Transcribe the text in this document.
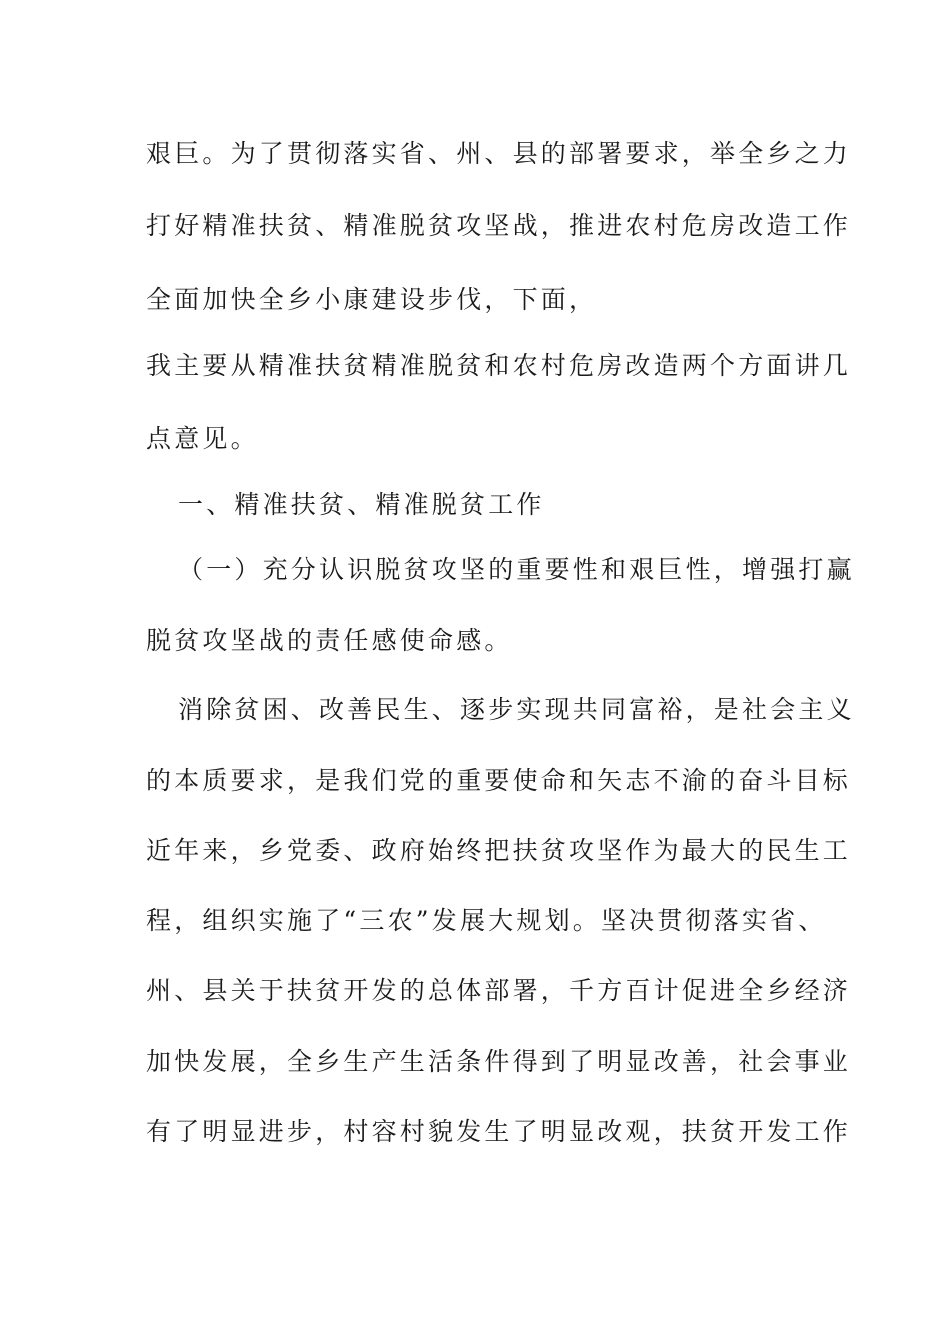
艰巨。为了贯彻落实省、州、县的部署要求，举全乡之力
打好精准扶贫、精准脱贫攻坚战，推进农村危房改造工作
全面加快全乡小康建设步伐，下面，
我主要从精准扶贫精准脱贫和农村危房改造两个方面讲几
点意见。
一、精准扶贫、精准脱贫工作
（一）充分认识脱贫攻坚的重要性和艰巨性，增强打赢
脱贫攻坚战的责任感使命感。
消除贫困、改善民生、逐步实现共同富裕，是社会主义
的本质要求，是我们党的重要使命和矢志不渝的奋斗目标
近年来，乡党委、政府始终把扶贫攻坚作为最大的民生工
程，组织实施了“三农”发展大规划。坚决贯彻落实省、
州、县关于扶贫开发的总体部署，千方百计促进全乡经济
加快发展，全乡生产生活条件得到了明显改善，社会事业
有了明显进步，村容村貌发生了明显改观，扶贫开发工作
